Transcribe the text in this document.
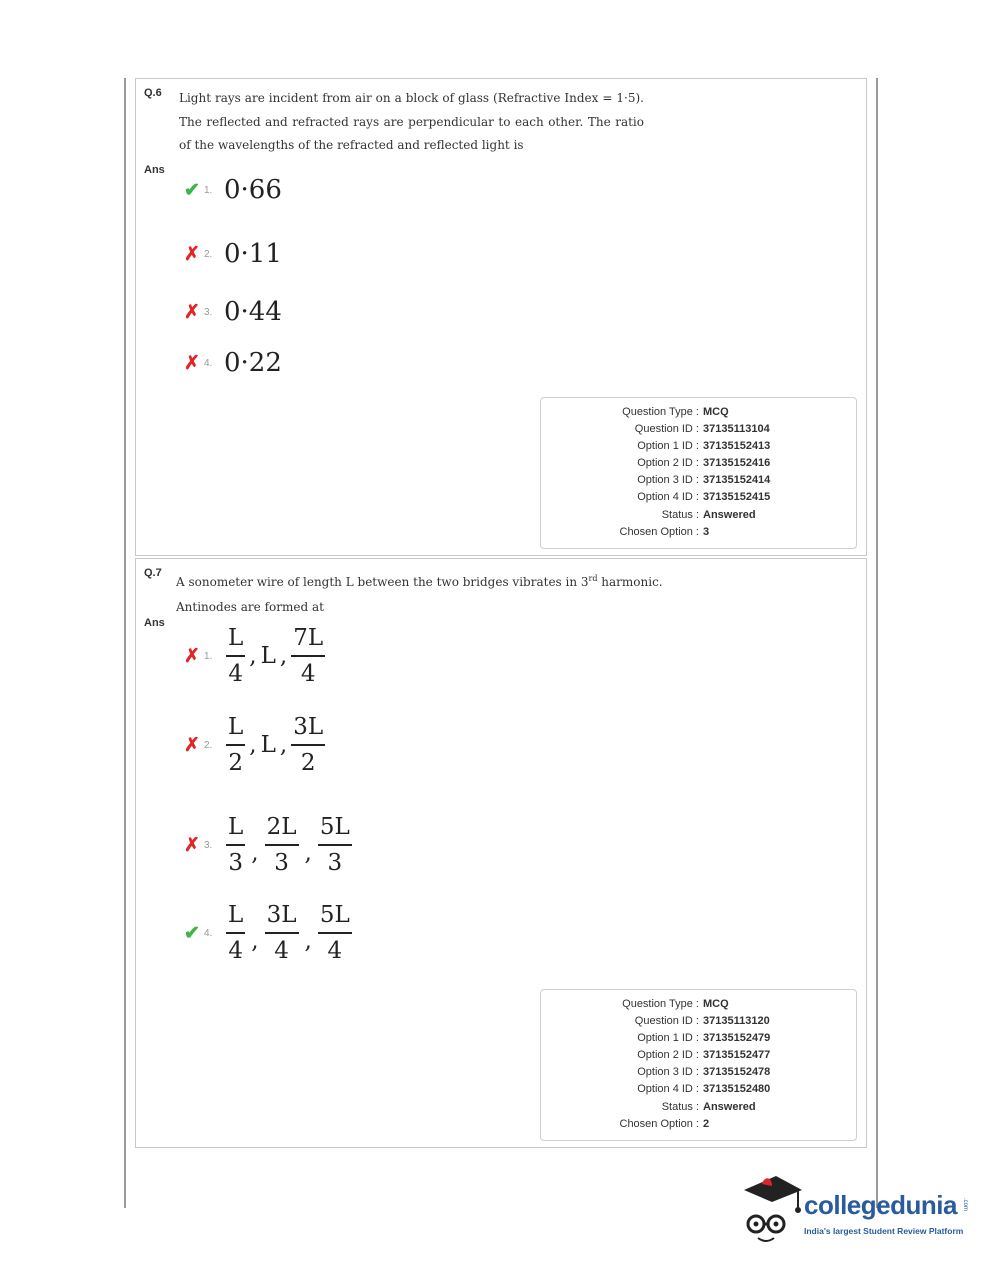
Q.6 Light rays are incident from air on a block of glass (Refractive Index = 1·5). The reflected and refracted rays are perpendicular to each other. The ratio of the wavelengths of the refracted and reflected light is
Ans
✔ 1. 0·66
✗ 2. 0·11
✗ 3. 0·44
✗ 4. 0·22
Question Type : MCQ
Question ID : 37135113104
Option 1 ID : 37135152413
Option 2 ID : 37135152416
Option 3 ID : 37135152414
Option 4 ID : 37135152415
Status : Answered
Chosen Option : 3
Q.7
A sonometer wire of length L between the two bridges vibrates in 3rd harmonic.
Antinodes are formed at
Ans
✗ 1. $\frac{L}{4}$ , L , $\frac{7L}{4}$
✗ 2. $\frac{L}{2}$ , L , $\frac{3L}{2}$
✗ 3. $\frac{L}{3}$ , $\frac{2L}{3}$ , $\frac{5L}{3}$
✔ 4. $\frac{L}{4}$ , $\frac{3L}{4}$ , $\frac{5L}{4}$
Question Type : MCQ
Question ID : 37135113120
Option 1 ID : 37135152479
Option 2 ID : 37135152477
Option 3 ID : 37135152478
Option 4 ID : 37135152480
Status : Answered
Chosen Option : 2
collegedunia .com
India's largest Student Review Platform
